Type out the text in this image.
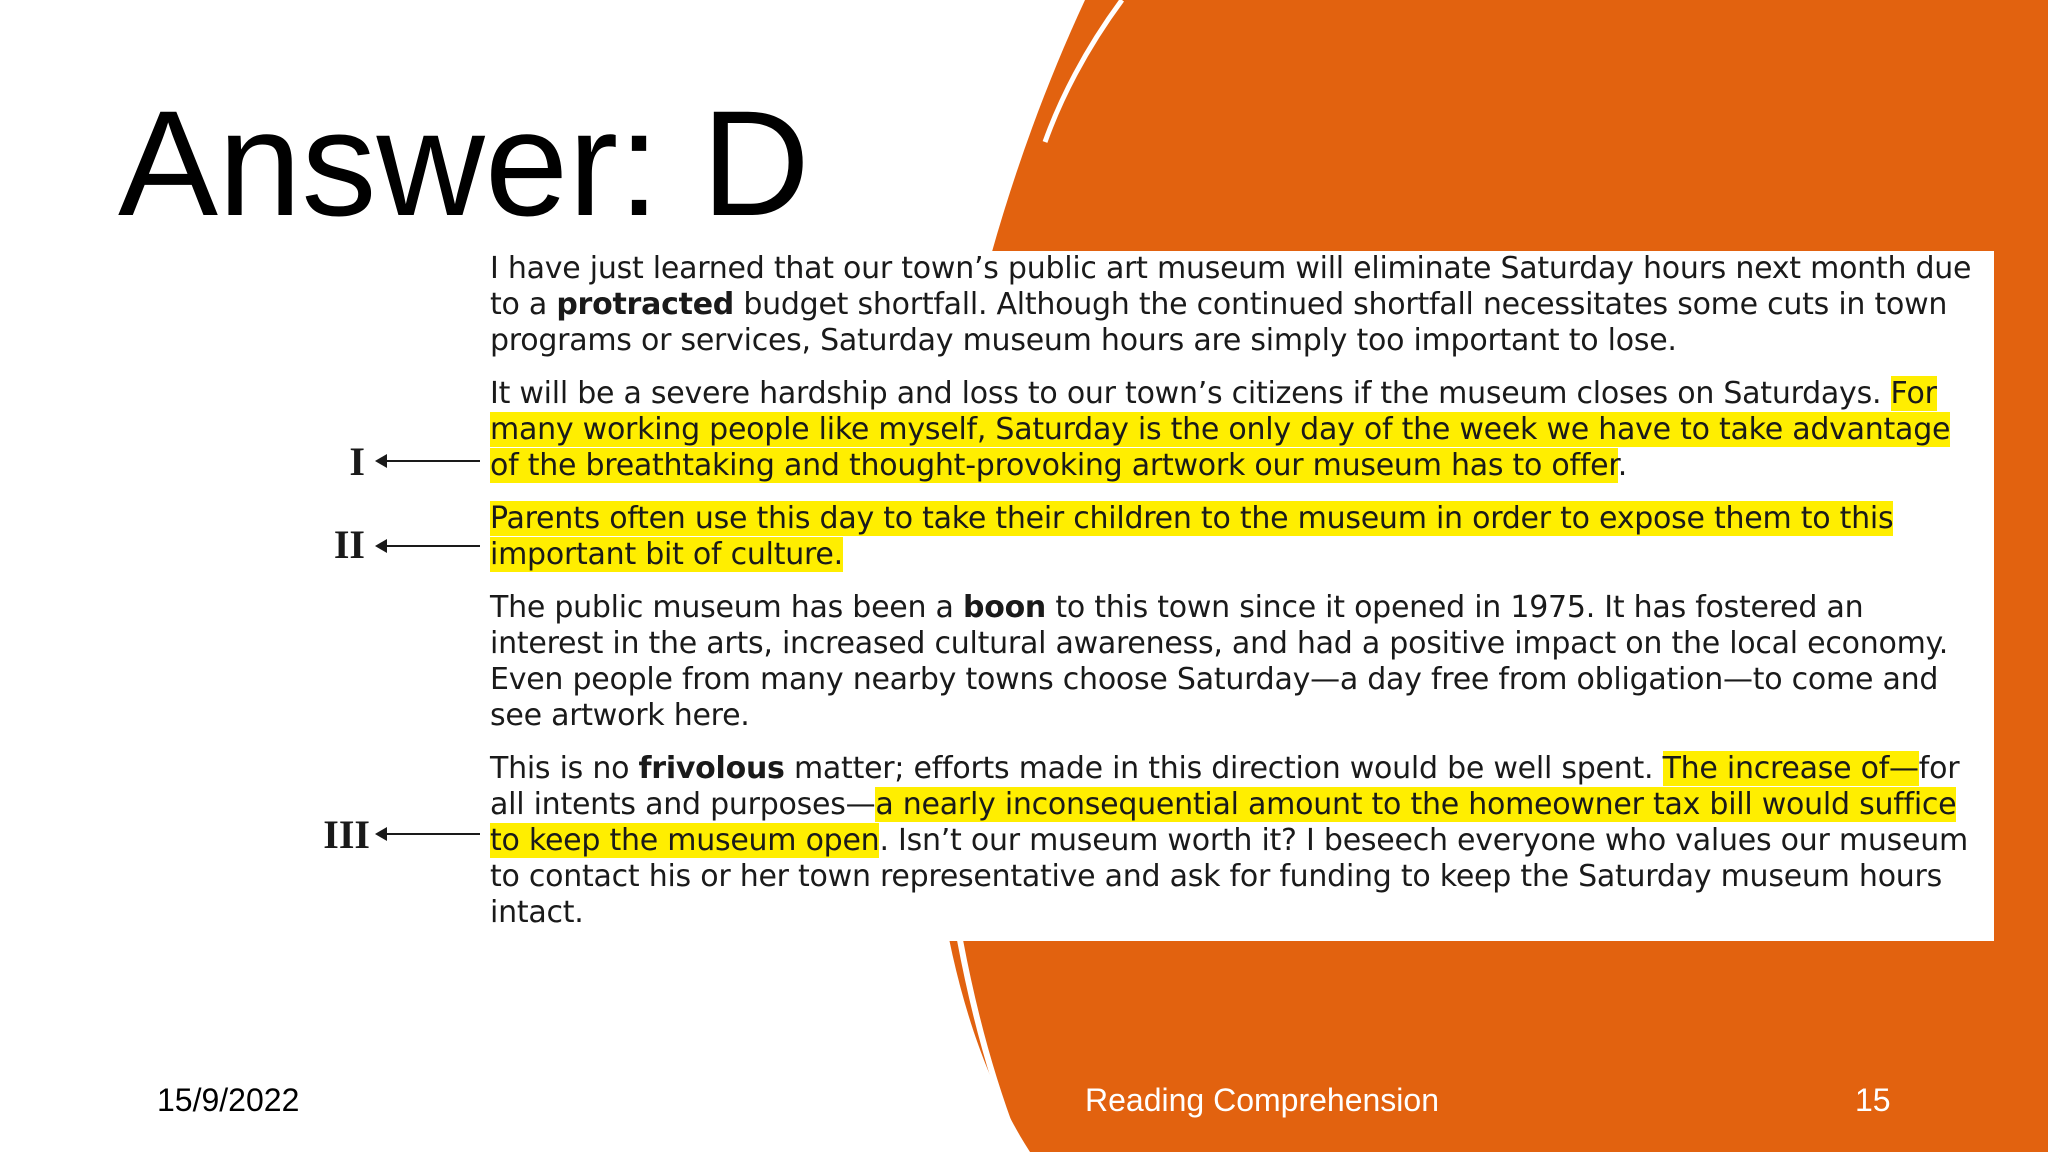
Answer: D

I have just learned that our town’s public art museum will eliminate Saturday hours next month due to a protracted budget shortfall. Although the continued shortfall necessitates some cuts in town programs or services, Saturday museum hours are simply too important to lose.

It will be a severe hardship and loss to our town’s citizens if the museum closes on Saturdays. For many working people like myself, Saturday is the only day of the week we have to take advantage of the breathtaking and thought-provoking artwork our museum has to offer.

Parents often use this day to take their children to the museum in order to expose them to this important bit of culture.

The public museum has been a boon to this town since it opened in 1975. It has fostered an interest in the arts, increased cultural awareness, and had a positive impact on the local economy. Even people from many nearby towns choose Saturday—a day free from obligation—to come and see artwork here.

This is no frivolous matter; efforts made in this direction would be well spent. The increase of—for all intents and purposes—a nearly inconsequential amount to the homeowner tax bill would suffice to keep the museum open. Isn’t our museum worth it? I beseech everyone who values our museum to contact his or her town representative and ask for funding to keep the Saturday museum hours intact.

I
II
III
15/9/2022	Reading Comprehension	15
